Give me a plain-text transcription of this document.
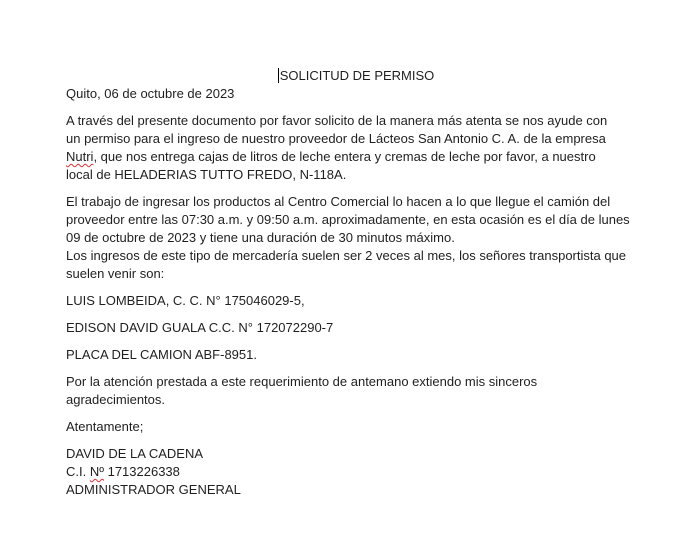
SOLICITUD DE PERMISO

Quito, 06 de octubre de 2023

A través del presente documento por favor solicito de la manera más atenta se nos ayude con

un permiso para el ingreso de nuestro proveedor de Lácteos San Antonio C. A. de la empresa

Nutri, que nos entrega cajas de litros de leche entera y cremas de leche por favor, a nuestro

local de HELADERIAS TUTTO FREDO, N-118A.

El trabajo de ingresar los productos al Centro Comercial lo hacen a lo que llegue el camión del

proveedor entre las 07:30 a.m. y 09:50 a.m. aproximadamente, en esta ocasión es el día de lunes

09 de octubre de 2023 y tiene una duración de 30 minutos máximo.

Los ingresos de este tipo de mercadería suelen ser 2 veces al mes, los señores transportista que

suelen venir son:

LUIS LOMBEIDA, C. C. N° 175046029-5,

EDISON DAVID GUALA C.C. N° 172072290-7

PLACA DEL CAMION ABF-8951.

Por la atención prestada a este requerimiento de antemano extiendo mis sinceros

agradecimientos.

Atentamente;

DAVID DE LA CADENA

C.I. Nº 1713226338

ADMINISTRADOR GENERAL
